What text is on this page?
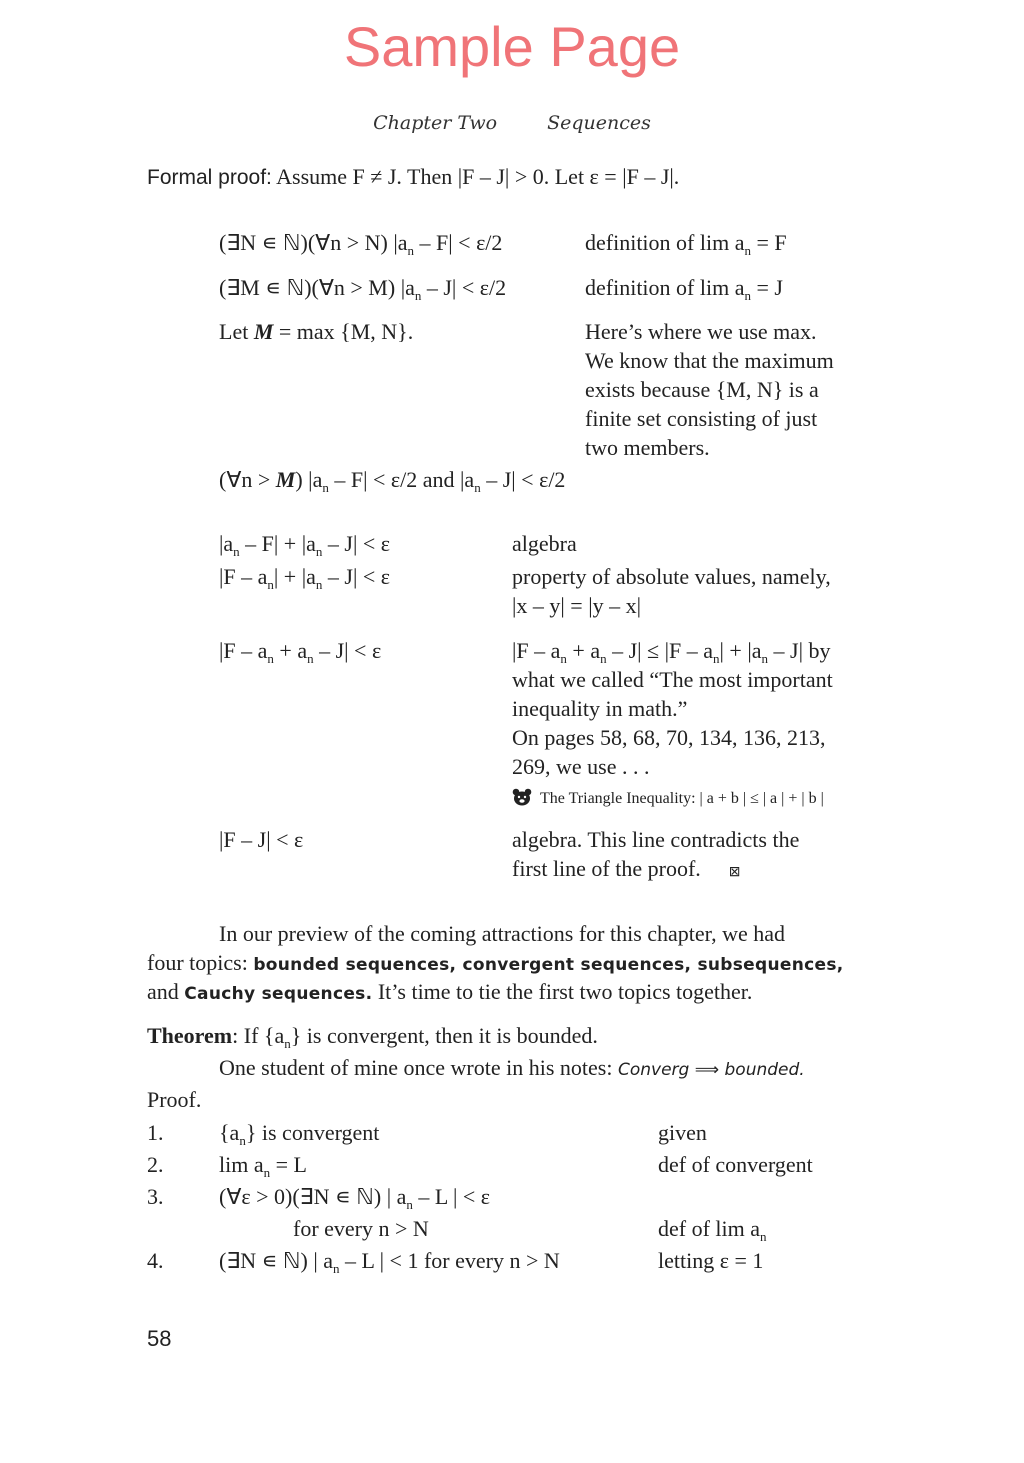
Sample Page
Chapter Two	Sequences
Formal proof: Assume F ≠ J. Then |F – J| > 0. Let ε = |F – J|.
(∃N ∊ ℕ)(∀n > N) $|a_n - F| < \varepsilon/2$	definition of $\lim a_n = F$
(∃M ∊ ℕ)(∀n > M) $|a_n - J| < \varepsilon/2$	definition of $\lim a_n = J$
Let M = max {M, N}.	Here’s where we use max.
We know that the maximum
exists because {M, N} is a
finite set consisting of just
two members.
(∀n > M) $|a_n - F| < \varepsilon/2$ and $|a_n - J| < \varepsilon/2$
$|a_n - F| + |a_n - J| < \varepsilon$	algebra
$|F - a_n| + |a_n - J| < \varepsilon$	property of absolute values, namely,
|x – y| = |y – x|
$|F - a_n + a_n - J| < \varepsilon$	$|F - a_n + a_n - J| \le |F - a_n| + |a_n - J|$ by
what we called “The most important
inequality in math.”
On pages 58, 68, 70, 134, 136, 213,
269, we use . . .
The Triangle Inequality: | a + b | ≤ | a | + | b |
|F – J| < ε	algebra. This line contradicts the
first line of the proof. ⊠
In our preview of the coming attractions for this chapter, we had
four topics: bounded sequences, convergent sequences, subsequences,
and Cauchy sequences. It’s time to tie the first two topics together.
Theorem: If $\{a_n\}$ is convergent, then it is bounded.
One student of mine once wrote in his notes: Converg ⟹ bounded.
Proof.
1.	$\{a_n\}$ is convergent	given
2.	$\lim a_n = L$	def of convergent
3.	(∀ε > 0)(∃N ∊ ℕ) | $a_n$ – L | < ε
for every n > N	def of $\lim a_n$
4.	(∃N ∊ ℕ) | $a_n$ – L | < 1 for every n > N	letting ε = 1
58
